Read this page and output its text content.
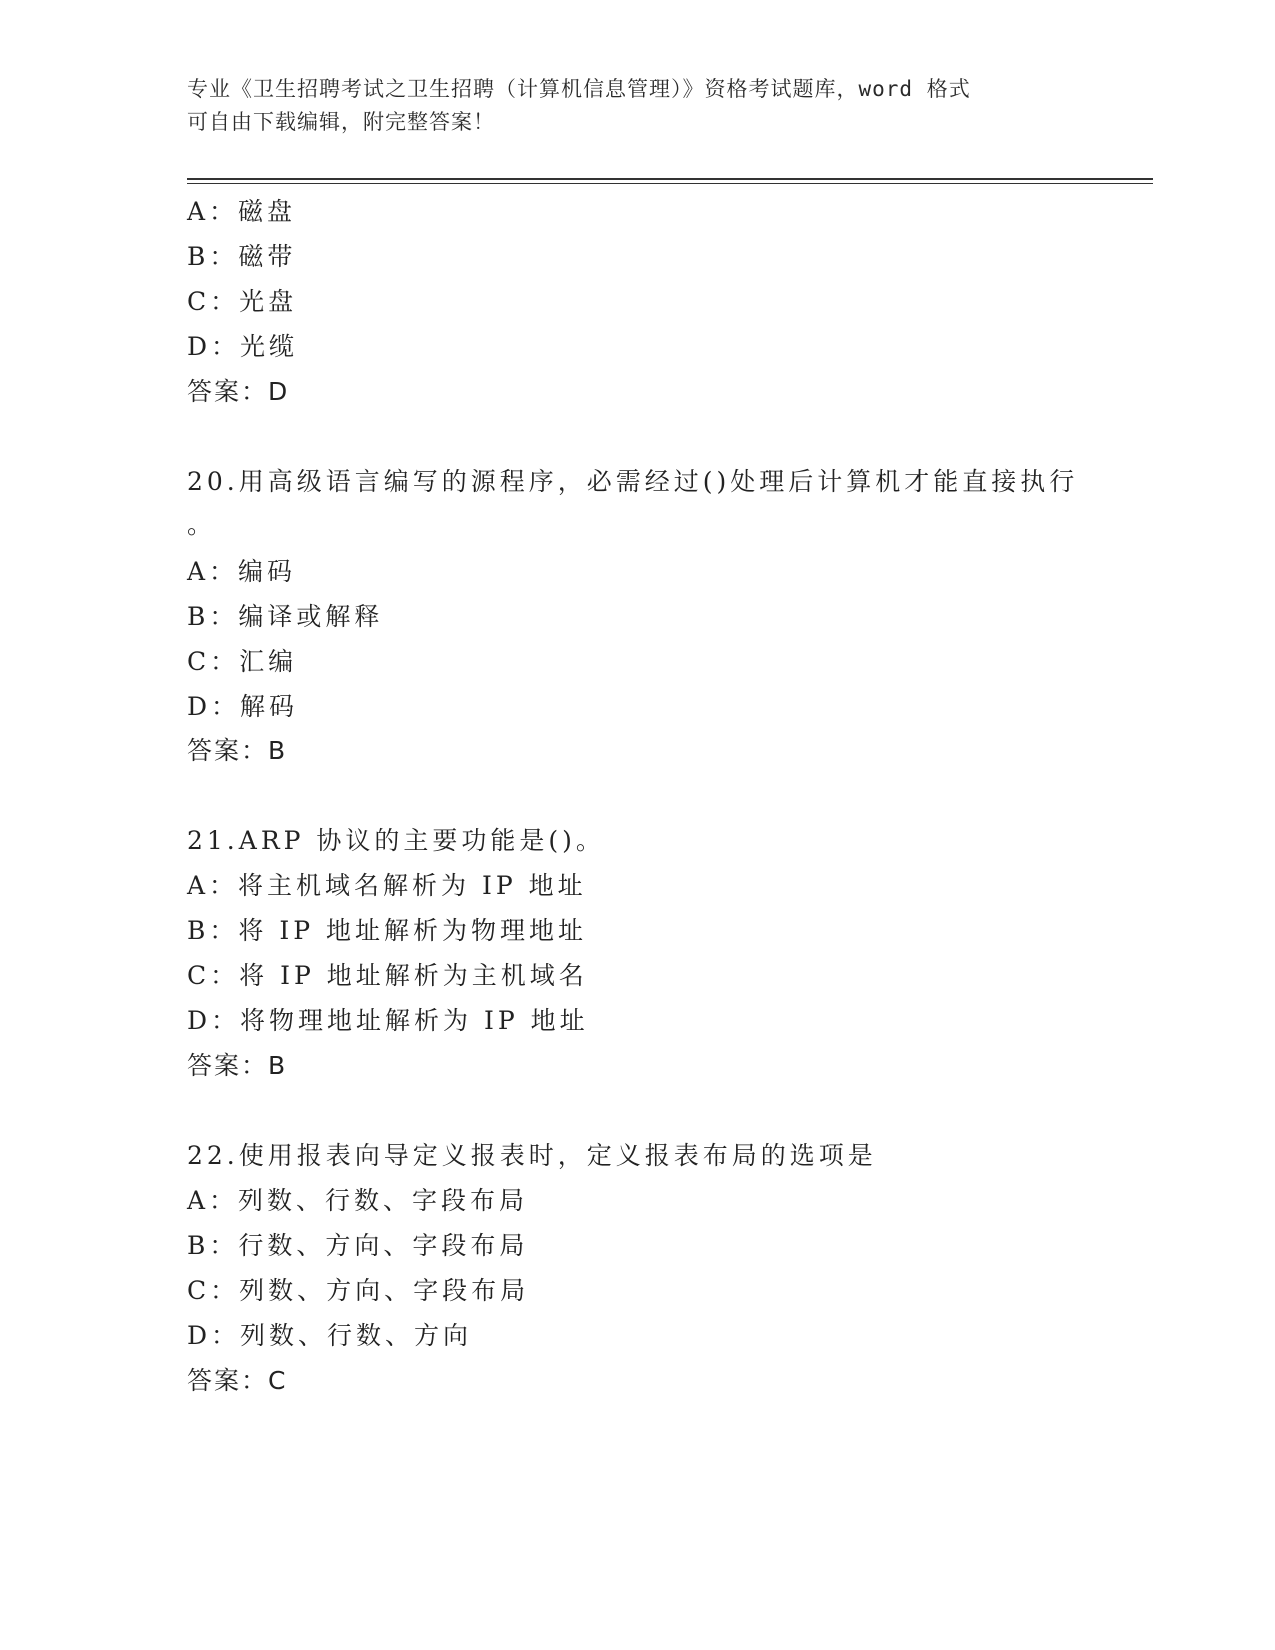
专业《卫生招聘考试之卫生招聘（计算机信息管理）》资格考试题库，word 格式
可自由下载编辑，附完整答案！
A：磁盘
B：磁带
C：光盘
D：光缆
答案：D
20.用高级语言编写的源程序，必需经过()处理后计算机才能直接执行
。
A：编码
B：编译或解释
C：汇编
D：解码
答案：B
21.ARP 协议的主要功能是()。
A：将主机域名解析为 IP 地址
B：将 IP 地址解析为物理地址
C：将 IP 地址解析为主机域名
D：将物理地址解析为 IP 地址
答案：B
22.使用报表向导定义报表时，定义报表布局的选项是
A：列数、行数、字段布局
B：行数、方向、字段布局
C：列数、方向、字段布局
D：列数、行数、方向
答案：C
